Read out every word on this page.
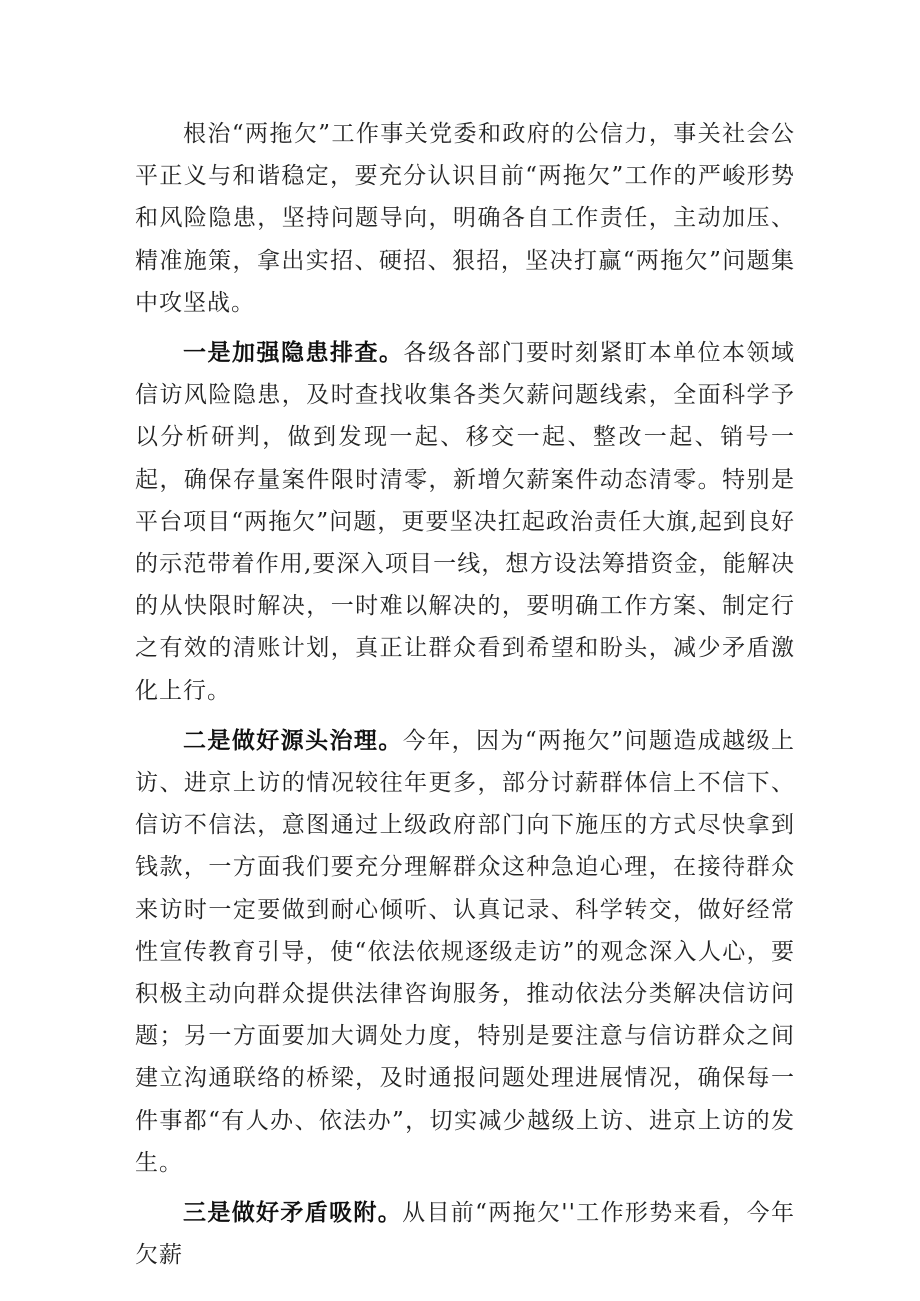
根治“两拖欠”工作事关党委和政府的公信力，事关社会公平正义与和谐稳定，要充分认识目前“两拖欠”工作的严峻形势和风险隐患，坚持问题导向，明确各自工作责任，主动加压、精准施策，拿出实招、硬招、狠招，坚决打赢“两拖欠”问题集中攻坚战。

一是加强隐患排查。各级各部门要时刻紧盯本单位本领域信访风险隐患，及时查找收集各类欠薪问题线索，全面科学予以分析研判，做到发现一起、移交一起、整改一起、销号一起，确保存量案件限时清零，新增欠薪案件动态清零。特别是平台项目“两拖欠”问题，更要坚决扛起政治责任大旗,起到良好的示范带着作用,要深入项目一线，想方设法筹措资金，能解决的从快限时解决，一时难以解决的，要明确工作方案、制定行之有效的清账计划，真正让群众看到希望和盼头，减少矛盾激化上行。

二是做好源头治理。今年，因为“两拖欠”问题造成越级上访、进京上访的情况较往年更多，部分讨薪群体信上不信下、信访不信法，意图通过上级政府部门向下施压的方式尽快拿到钱款，一方面我们要充分理解群众这种急迫心理，在接待群众来访时一定要做到耐心倾听、认真记录、科学转交，做好经常性宣传教育引导，使“依法依规逐级走访”的观念深入人心，要积极主动向群众提供法律咨询服务，推动依法分类解决信访问题；另一方面要加大调处力度，特别是要注意与信访群众之间建立沟通联络的桥梁，及时通报问题处理进展情况，确保每一件事都“有人办、依法办”，切实减少越级上访、进京上访的发生。

三是做好矛盾吸附。从目前“两拖欠''工作形势来看，今年欠薪
